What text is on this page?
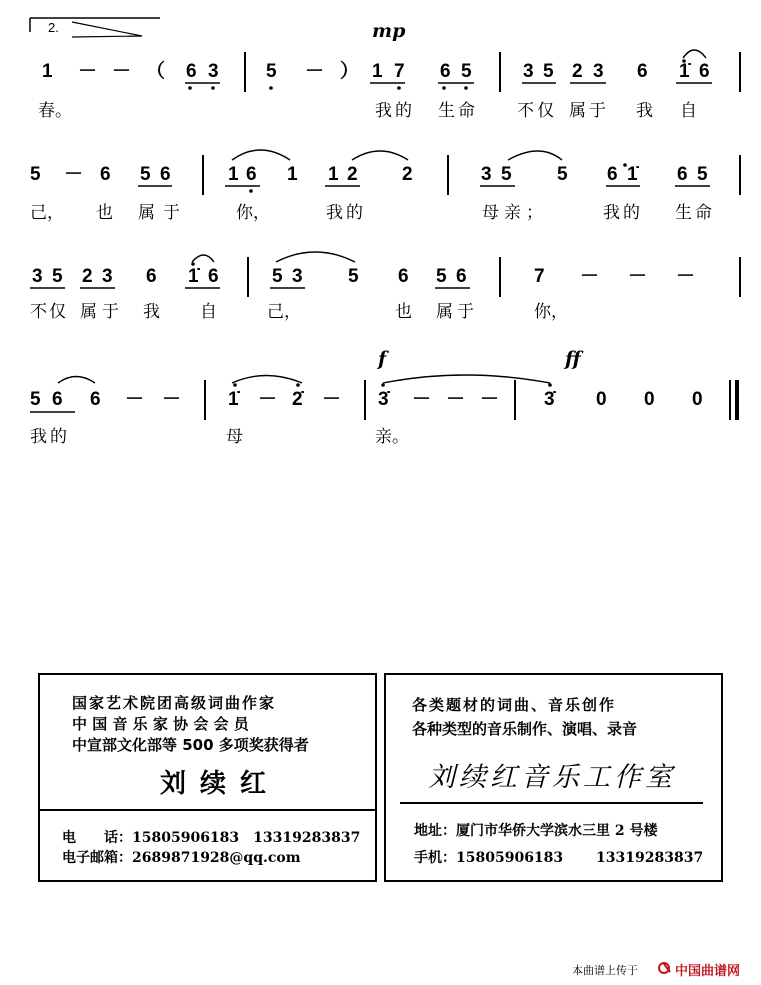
2.	mp
f	ff
1 － － （ 6 3 5 － ） 1 7 6 5	3 5 2 3 6 1̇ 6
春。	我的 生命 不仅 属于 我 自
5 － 6 5 6	1 6 1 1 2 2	3 5 5 6 1̇ 6 5
己， 也 属于	你，	我的	母亲；	我的 生命
3 5 2 3 6 1̇ 6	5 3 5 6 5 6	7 － － －
不仅 属于 我 自	己，	也 属于	你，
5 6 6 － － 1̇ － 2̇ － 3̇ － － － 3̇ 0 0 0
我的	母	亲。
国家艺术院团高级词曲作家
中 国 音 乐 家 协 会 会 员
中宣部文化部等 500 多项奖获得者
刘续红
电　　话：15805906183　13319283837
电子邮箱：2689871928@qq.com
各类题材的词曲、音乐创作
各种类型的音乐制作、演唱、录音
刘续红音乐工作室
地址：厦门市华侨大学滨水三里 2 号楼
手机：15805906183　　 13319283837
本曲谱上传于	中国曲谱网
